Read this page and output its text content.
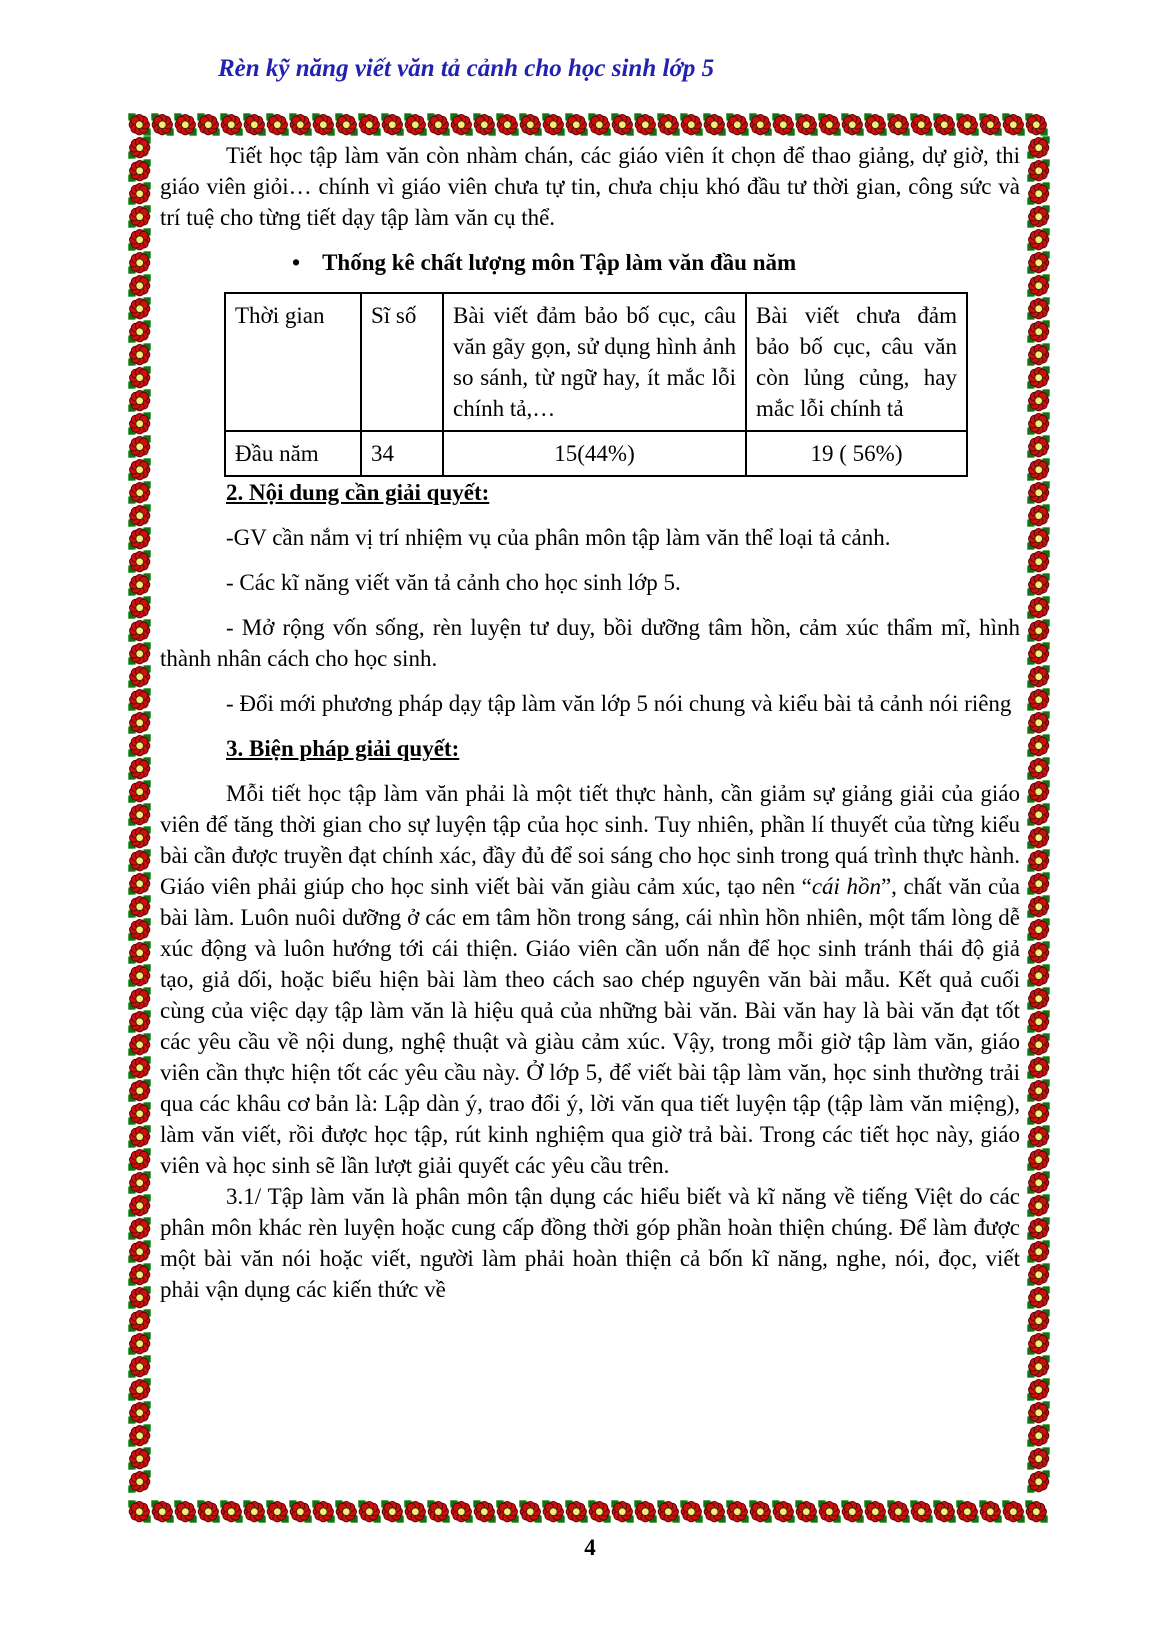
Rèn kỹ năng viết văn tả cảnh cho học sinh lớp 5

Tiết học tập làm văn còn nhàm chán, các giáo viên ít chọn để thao giảng, dự giờ, thi giáo viên giỏi… chính vì giáo viên chưa tự tin, chưa chịu khó đầu tư thời gian, công sức và trí tuệ cho từng tiết dạy tập làm văn cụ thể.

• Thống kê chất lượng môn Tập làm văn đầu năm

Thời gian	Sĩ số	Bài viết đảm bảo bố cục, câu văn gãy gọn, sử dụng hình ảnh so sánh, từ ngữ hay, ít mắc lỗi chính tả,…	Bài viết chưa đảm bảo bố cục, câu văn còn lủng củng, hay mắc lỗi chính tả
Đầu năm	34	15(44%)	19 ( 56%)

2. Nội dung cần giải quyết:

-GV cần nắm vị trí nhiệm vụ của phân môn tập làm văn thể loại tả cảnh.

- Các kĩ năng viết văn tả cảnh cho học sinh lớp 5.

- Mở rộng vốn sống, rèn luyện tư duy, bồi dưỡng tâm hồn, cảm xúc thẩm mĩ, hình thành nhân cách cho học sinh.

- Đổi mới phương pháp dạy tập làm văn lớp 5 nói chung và kiểu bài tả cảnh nói riêng

3. Biện pháp giải quyết:

Mỗi tiết học tập làm văn phải là một tiết thực hành, cần giảm sự giảng giải của giáo viên để tăng thời gian cho sự luyện tập của học sinh. Tuy nhiên, phần lí thuyết của từng kiểu bài cần được truyền đạt chính xác, đầy đủ để soi sáng cho học sinh trong quá trình thực hành. Giáo viên phải giúp cho học sinh viết bài văn giàu cảm xúc, tạo nên “cái hồn”, chất văn của bài làm. Luôn nuôi dưỡng ở các em tâm hồn trong sáng, cái nhìn hồn nhiên, một tấm lòng dễ xúc động và luôn hướng tới cái thiện. Giáo viên cần uốn nắn để học sinh tránh thái độ giả tạo, giả dối, hoặc biểu hiện bài làm theo cách sao chép nguyên văn bài mẫu. Kết quả cuối cùng của việc dạy tập làm văn là hiệu quả của những bài văn. Bài văn hay là bài văn đạt tốt các yêu cầu về nội dung, nghệ thuật và giàu cảm xúc. Vậy, trong mỗi giờ tập làm văn, giáo viên cần thực hiện tốt các yêu cầu này. Ở lớp 5, để viết bài tập làm văn, học sinh thường trải qua các khâu cơ bản là: Lập dàn ý, trao đổi ý, lời văn qua tiết luyện tập (tập làm văn miệng), làm văn viết, rồi được học tập, rút kinh nghiệm qua giờ trả bài. Trong các tiết học này, giáo viên và học sinh sẽ lần lượt giải quyết các yêu cầu trên.

3.1/ Tập làm văn là phân môn tận dụng các hiểu biết và kĩ năng về tiếng Việt do các phân môn khác rèn luyện hoặc cung cấp đồng thời góp phần hoàn thiện chúng. Để làm được một bài văn nói hoặc viết, người làm phải hoàn thiện cả bốn kĩ năng, nghe, nói, đọc, viết phải vận dụng các kiến thức về

4
